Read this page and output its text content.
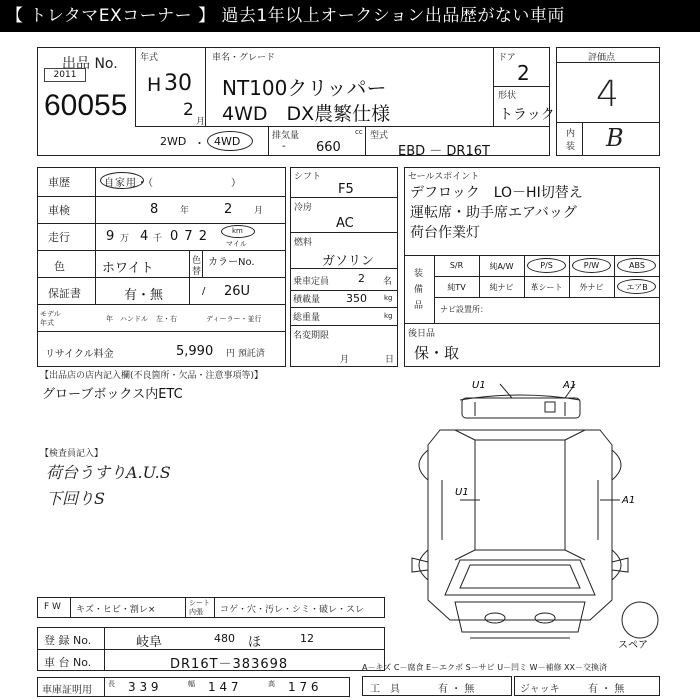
【 トレタマEXコーナー 】 過去1年以上オークション出品歴がない車両
出品 No.
2011
60055
年式
H 30
2
月
車名・グレード
NT100クリッパー
4WD　DX農繁仕様
ドア
2
形状
トラック
2WD ・ 4WD	排気量	cc
- 660
型式
EBD － DR16T
評価点
4
内
装 B
車歴	自家用・（　　　　　　　）
車検	8 年	2 月
走行	9 万 4 千 0 7 2	km
マイル
色	ホワイト	色
替
カラーNo.
保証書	有・無	/ 26U
モデル
年式	年 ハンドル 左・右	ディーラー・並行
リサイクル料金	5,990 円 預託済
シフト
F5
冷房
AC
燃料
ガソリン
乗車定員	2 名
積載量 350 kg
総重量	kg
名変期限
月	日
セールスポイント
デフロック　LO－HI切替え
運転席・助手席エアバッグ
荷台作業灯
装
備
品
S/R	純A/W	P/S	P/W	ABS
純TV	純ナビ	革シート	外ナビ	エアB
ナビ設置所：
後日品
保・取
【出品店の店内記入欄(不良箇所・欠品・注意事項等)】
グローブボックス内ETC
【検査員記入】
荷台うすりA.U.S
下回りS
U1	A1
U1
A1
スペア
F W キズ・ヒビ・割レ×
シート
内張 コゲ・穴・汚レ・シミ・破レ・スレ
登 録 No.	岐阜	480 ほ	12
車 台 No.	DR16T－383698
車庫証明用
長 3 3 9	幅 1 4 7	高 1 7 6
A－キズ C－腐食 E－エクボ S－サビ U－凹ミ W－補修 XX－交換済
工　具	有 ・ 無	ジャッキ	有 ・ 無
